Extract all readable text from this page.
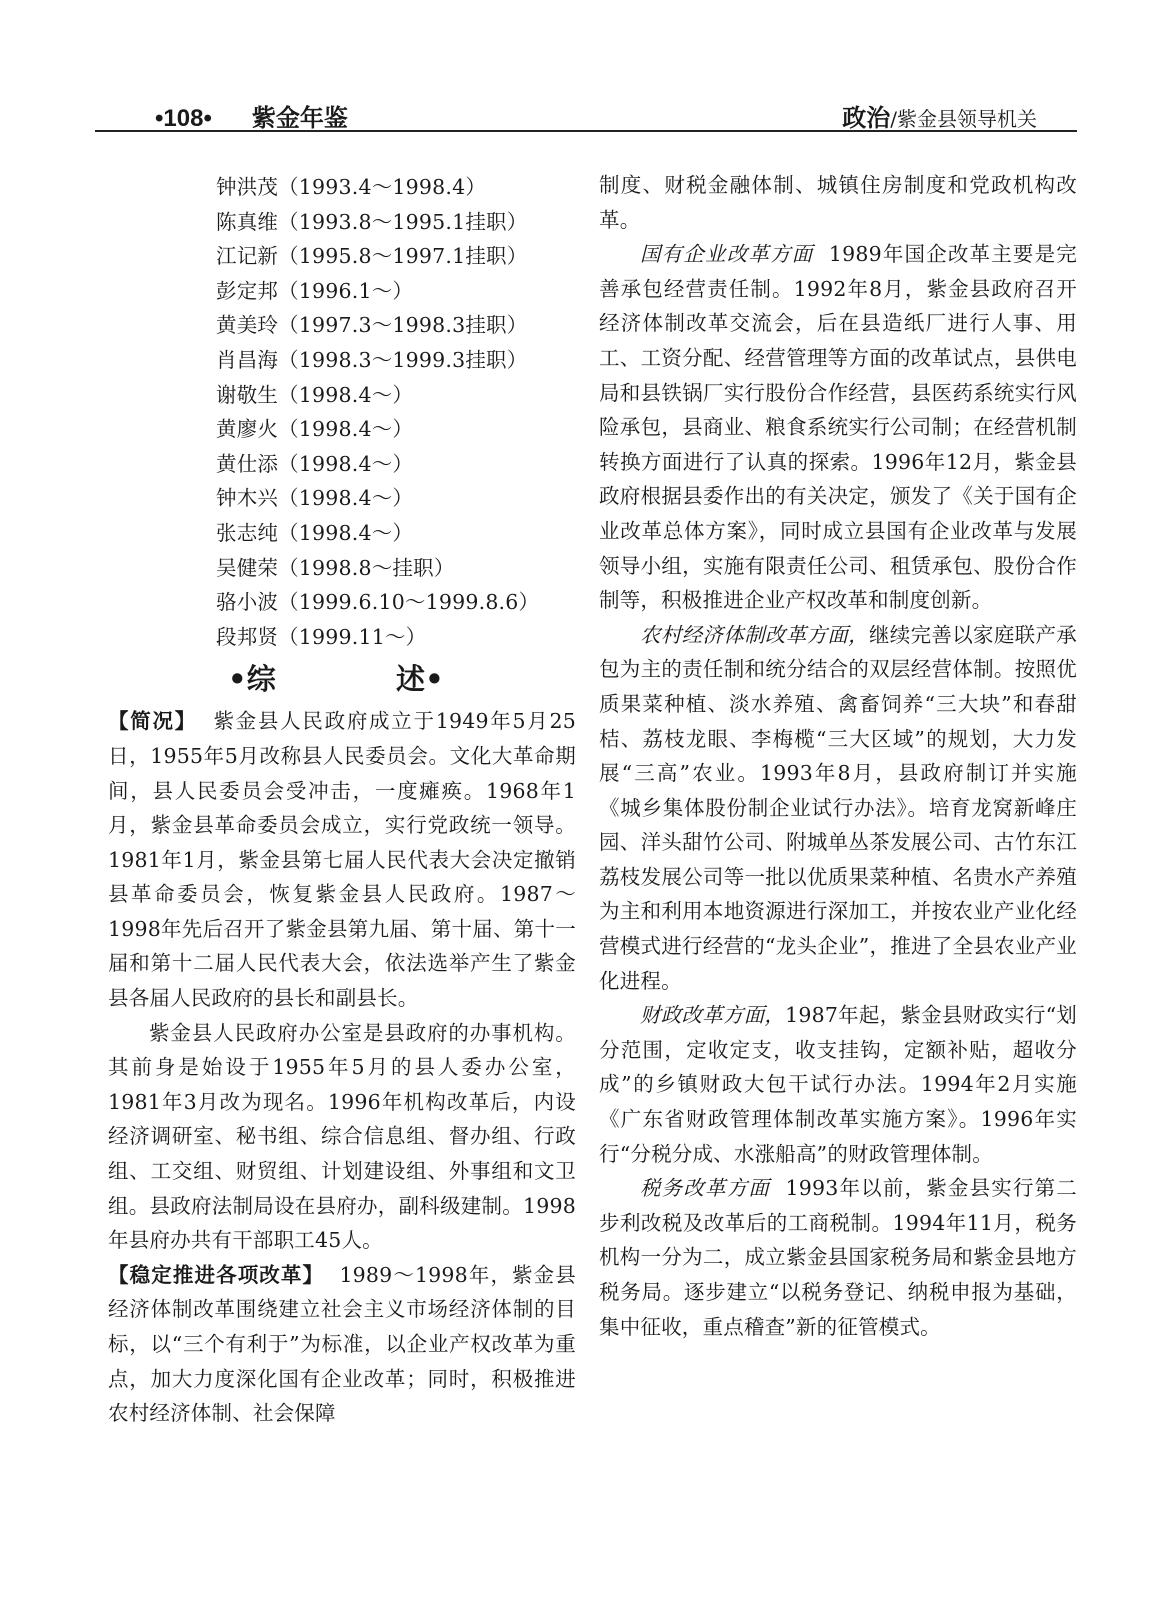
•108• 紫金年鉴	政治/紫金县领导机关
钟洪茂（1993.4～1998.4）
陈真维（1993.8～1995.1挂职）
江记新（1995.8～1997.1挂职）
彭定邦（1996.1～）
黄美玲（1997.3～1998.3挂职）
肖昌海（1998.3～1999.3挂职）
谢敬生（1998.4～）
黄廖火（1998.4～）
黄仕添（1998.4～）
钟木兴（1998.4～）
张志纯（1998.4～）
吴健荣（1998.8～挂职）
骆小波（1999.6.10～1999.8.6）
段邦贤（1999.11～）
•综	述•

【简况】 紫金县人民政府成立于1949年5月25日，1955年5月改称县人民委员会。文化大革命期间，县人民委员会受冲击，一度瘫痪。1968年1月，紫金县革命委员会成立，实行党政统一领导。1981年1月，紫金县第七届人民代表大会决定撤销县革命委员会，恢复紫金县人民政府。1987～1998年先后召开了紫金县第九届、第十届、第十一届和第十二届人民代表大会，依法选举产生了紫金县各届人民政府的县长和副县长。

紫金县人民政府办公室是县政府的办事机构。其前身是始设于1955年5月的县人委办公室，1981年3月改为现名。1996年机构改革后，内设经济调研室、秘书组、综合信息组、督办组、行政组、工交组、财贸组、计划建设组、外事组和文卫组。县政府法制局设在县府办，副科级建制。1998年县府办共有干部职工45人。

【稳定推进各项改革】 1989～1998年，紫金县经济体制改革围绕建立社会主义市场经济体制的目标，以“三个有利于”为标准，以企业产权改革为重点，加大力度深化国有企业改革；同时，积极推进农村经济体制、社会保障

制度、财税金融体制、城镇住房制度和党政机构改革。

国有企业改革方面 1989年国企改革主要是完善承包经营责任制。1992年8月，紫金县政府召开经济体制改革交流会，后在县造纸厂进行人事、用工、工资分配、经营管理等方面的改革试点，县供电局和县铁锅厂实行股份合作经营，县医药系统实行风险承包，县商业、粮食系统实行公司制；在经营机制转换方面进行了认真的探索。1996年12月，紫金县政府根据县委作出的有关决定，颁发了《关于国有企业改革总体方案》，同时成立县国有企业改革与发展领导小组，实施有限责任公司、租赁承包、股份合作制等，积极推进企业产权改革和制度创新。

农村经济体制改革方面，继续完善以家庭联产承包为主的责任制和统分结合的双层经营体制。按照优质果菜种植、淡水养殖、禽畜饲养“三大块”和春甜桔、荔枝龙眼、李梅榄“三大区域”的规划，大力发展“三高”农业。1993年8月，县政府制订并实施《城乡集体股份制企业试行办法》。培育龙窝新峰庄园、洋头甜竹公司、附城单丛茶发展公司、古竹东江荔枝发展公司等一批以优质果菜种植、名贵水产养殖为主和利用本地资源进行深加工，并按农业产业化经营模式进行经营的“龙头企业”，推进了全县农业产业化进程。

财政改革方面，1987年起，紫金县财政实行“划分范围，定收定支，收支挂钩，定额补贴，超收分成”的乡镇财政大包干试行办法。1994年2月实施《广东省财政管理体制改革实施方案》。1996年实行“分税分成、水涨船高”的财政管理体制。

税务改革方面 1993年以前，紫金县实行第二步利改税及改革后的工商税制。1994年11月，税务机构一分为二，成立紫金县国家税务局和紫金县地方税务局。逐步建立“以税务登记、纳税申报为基础，集中征收，重点稽查”新的征管模式。
